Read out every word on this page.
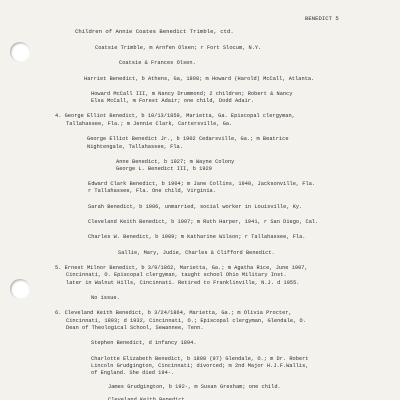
BENEDICT 5
Children of Annie Coates Benedict Trimble, ctd.
Coatsie Trimble, m Arnfen Olsen; r Fort Slocum, N.Y.
Coatsie & Frances Olsen.
Harriet Benedict, b Athens, Ga, 1898; m Howard (Harold) McCall, Atlanta.
Howard McCall III, m Nancy Drummond; 2 children; Robert & Nancy
Elsa McCall, m Forest Adair; one child, Dodd Adair.
4. George Elliot Benedict, b 10/13/1859, Marietta, Ga. Episcopal clergyman,
Tallahassee, Fla.; m Jennie Clark, Cartersville, Ga.
George Elliot Benedict Jr., b 1902 Cedarsville, Ga.; m Beatrice
Nightengale, Tallahassee, Fla.
Anne Benedict, b 1927; m Wayne Colony
George L. Benedict III, b 1929
Edward Clark Benedict, b 1904; m Jane Collins, 1940, Jacksonville, Fla.
r Tallahassee, Fla. One child, Virginia.
Sarah Benedict, b 1906, unmarried, social worker in Louisville, Ky.
Cleveland Keith Benedict, b 1907; m Ruth Harper, 1941, r San Diego, Cal.
Charles W. Benedict, b 1909; m Katharine Wilson; r Tallahassee, Fla.
Sallie, Mary, Judie, Charles & Clifford Benedict.
5. Ernest Milnor Benedict, b 3/9/1862, Marietta, Ga.; m Agatha Rice, June 1907,
Cincinnati, O. Episcopal clergyman, taught school Ohio Military Inst.
later in Walnut Hills, Cincinnati. Retired to Franklinville, N.J. d 1955.
No issue.
6. Cleveland Keith Benedict, b 3/24/1864, Marietta, Ga.; m Olivia Procter,
Cincinnati, 1893; d 1932, Cincinnati, O.; Episcopal clergyman, Glendale, O.
Dean of Theological School, Sewannee, Tenn.
Stephen Benedict, d infancy 1894.
Charlotte Elizabeth Benedict, b 1898 (97) Glendale, O.; m Dr. Robert
Lincoln Grudgington, Cincinnati; divorced; m 2nd Major H.J.F.Wallis,
of England. She died 194-.
James Grudgington, b 192-, m Susan Gresham; one child.
Cleveland Keith Benedict
